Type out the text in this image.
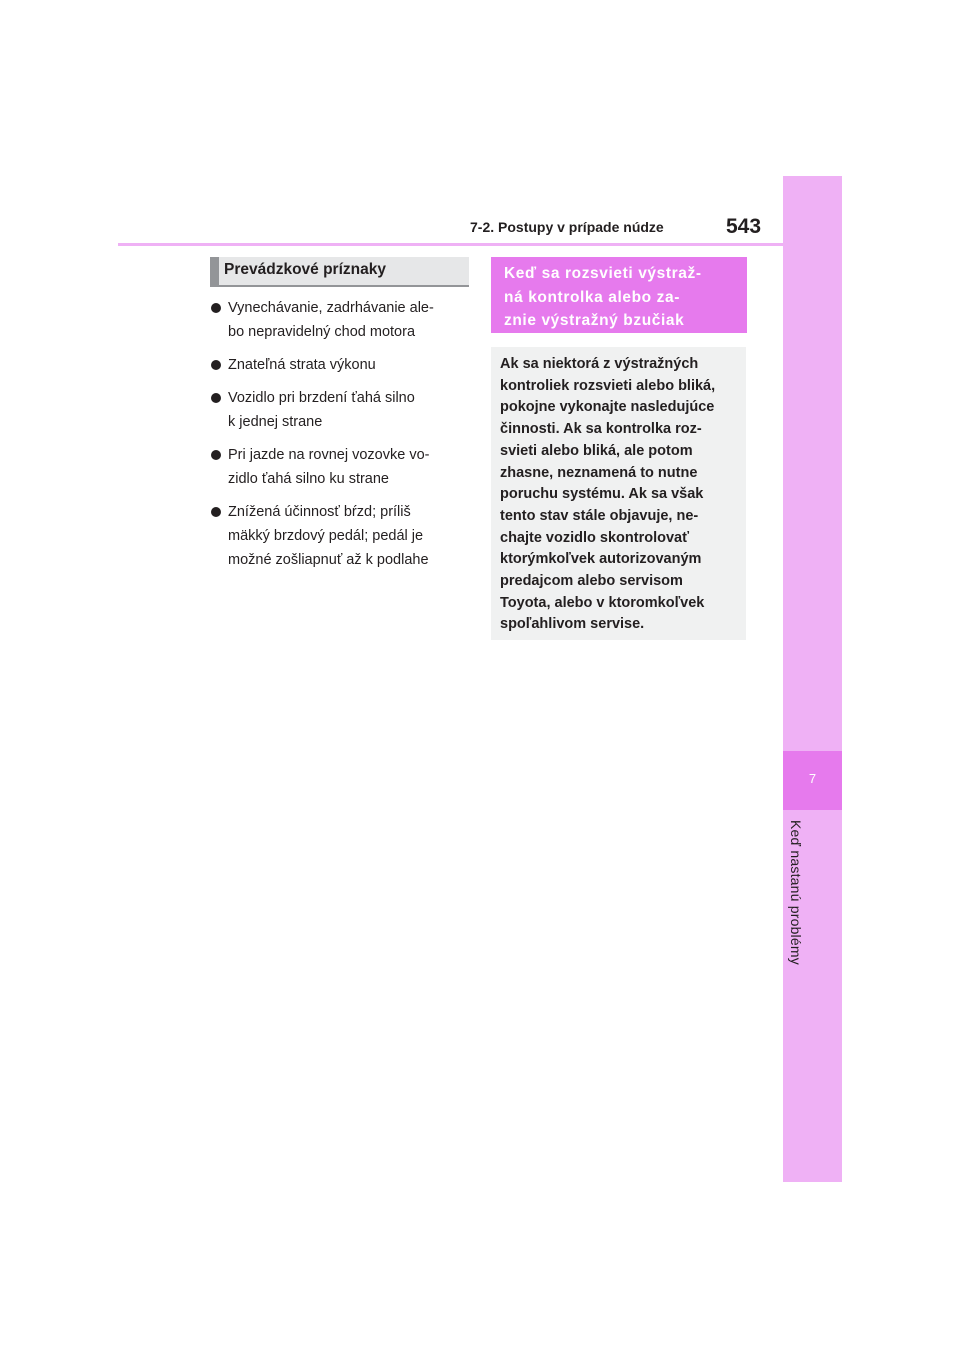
7
Keď nastanú problémy
7-2. Postupy v prípade núdze	543
Prevádzkové príznaky
Vynechávanie, zadrhávanie ale-
bo nepravidelný chod motora
Znateľná strata výkonu
Vozidlo pri brzdení ťahá silno
k jednej strane
Pri jazde na rovnej vozovke vo-
zidlo ťahá silno ku strane
Znížená účinnosť bŕzd; príliš
mäkký brzdový pedál; pedál je
možné zošliapnuť až k podlahe
Keď sa rozsvieti výstraž-
ná kontrolka alebo za-
znie výstražný bzučiak
Ak sa niektorá z výstražných
kontroliek rozsvieti alebo bliká,
pokojne vykonajte nasledujúce
činnosti. Ak sa kontrolka roz-
svieti alebo bliká, ale potom
zhasne, neznamená to nutne
poruchu systému. Ak sa však
tento stav stále objavuje, ne-
chajte vozidlo skontrolovať
ktorýmkoľvek autorizovaným
predajcom alebo servisom
Toyota, alebo v ktoromkoľvek
spoľahlivom servise.
